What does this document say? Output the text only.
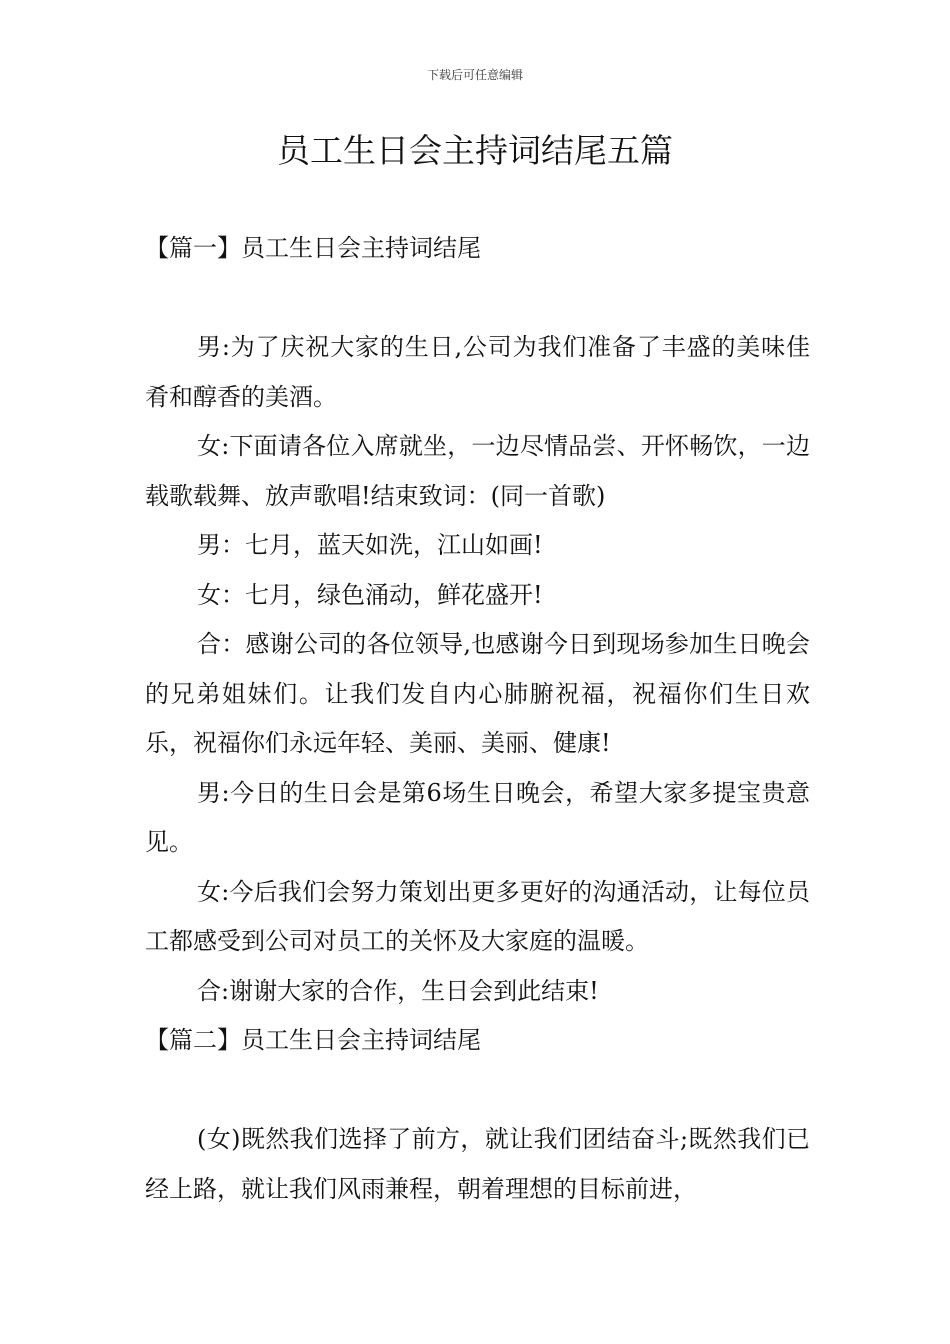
下载后可任意编辑
员工生日会主持词结尾五篇

【篇一】员工生日会主持词结尾

男:为了庆祝大家的生日,公司为我们准备了丰盛的美味佳肴和醇香的美酒。

女:下面请各位入席就坐，一边尽情品尝、开怀畅饮，一边载歌载舞、放声歌唱!结束致词：(同一首歌)

男：七月，蓝天如洗，江山如画!

女：七月，绿色涌动，鲜花盛开!

合：感谢公司的各位领导,也感谢今日到现场参加生日晚会的兄弟姐妹们。让我们发自内心肺腑祝福，祝福你们生日欢乐，祝福你们永远年轻、美丽、美丽、健康!

男:今日的生日会是第6场生日晚会，希望大家多提宝贵意见。

女:今后我们会努力策划出更多更好的沟通活动，让每位员工都感受到公司对员工的关怀及大家庭的温暖。

合:谢谢大家的合作，生日会到此结束!

【篇二】员工生日会主持词结尾

(女)既然我们选择了前方，就让我们团结奋斗;既然我们已经上路，就让我们风雨兼程，朝着理想的目标前进，
